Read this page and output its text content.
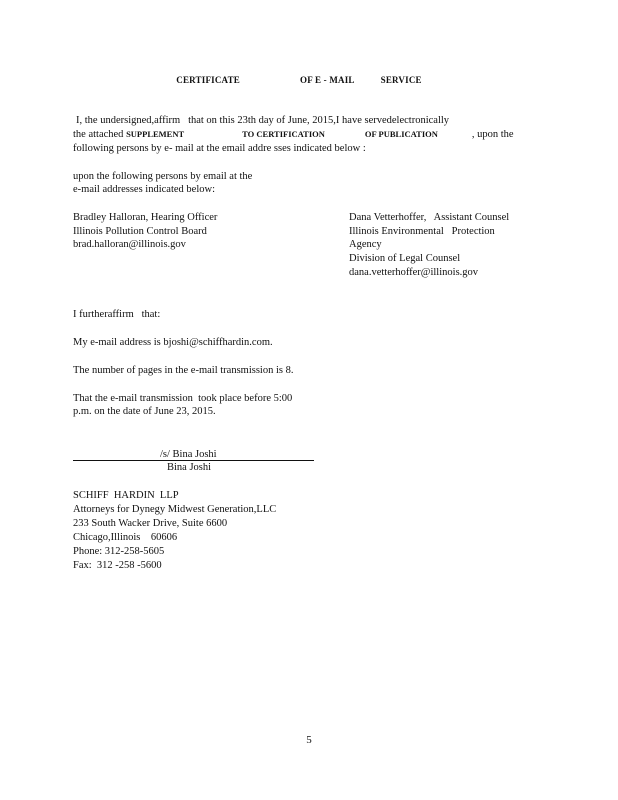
CERTIFICATE	OF E - MAIL	SERVICE
I, the undersigned,affirm   that on this 23th day of June, 2015,I have servedelectronically
the attached SUPPLEMENT	TO CERTIFICATION	OF PUBLICATION	, upon the
following persons by e- mail at the email addre sses indicated below :
upon the following persons by email at the
e-mail addresses indicated below:
Bradley Halloran, Hearing Officer
Illinois Pollution Control Board
brad.halloran@illinois.gov
Dana Vetterhoffer,   Assistant Counsel
Illinois Environmental   Protection
Agency
Division of Legal Counsel
dana.vetterhoffer@illinois.gov
I furtheraffirm   that:
My e-mail address is bjoshi@schiffhardin.com.
The number of pages in the e-mail transmission is 8.
That the e-mail transmission  took place before 5:00
p.m. on the date of June 23, 2015.
/s/ Bina Joshi
Bina Joshi
SCHIFF  HARDIN  LLP
Attorneys for Dynegy Midwest Generation,LLC
233 South Wacker Drive, Suite 6600
Chicago,Illinois    60606
Phone: 312-258-5605
Fax:  312 -258 -5600
5
